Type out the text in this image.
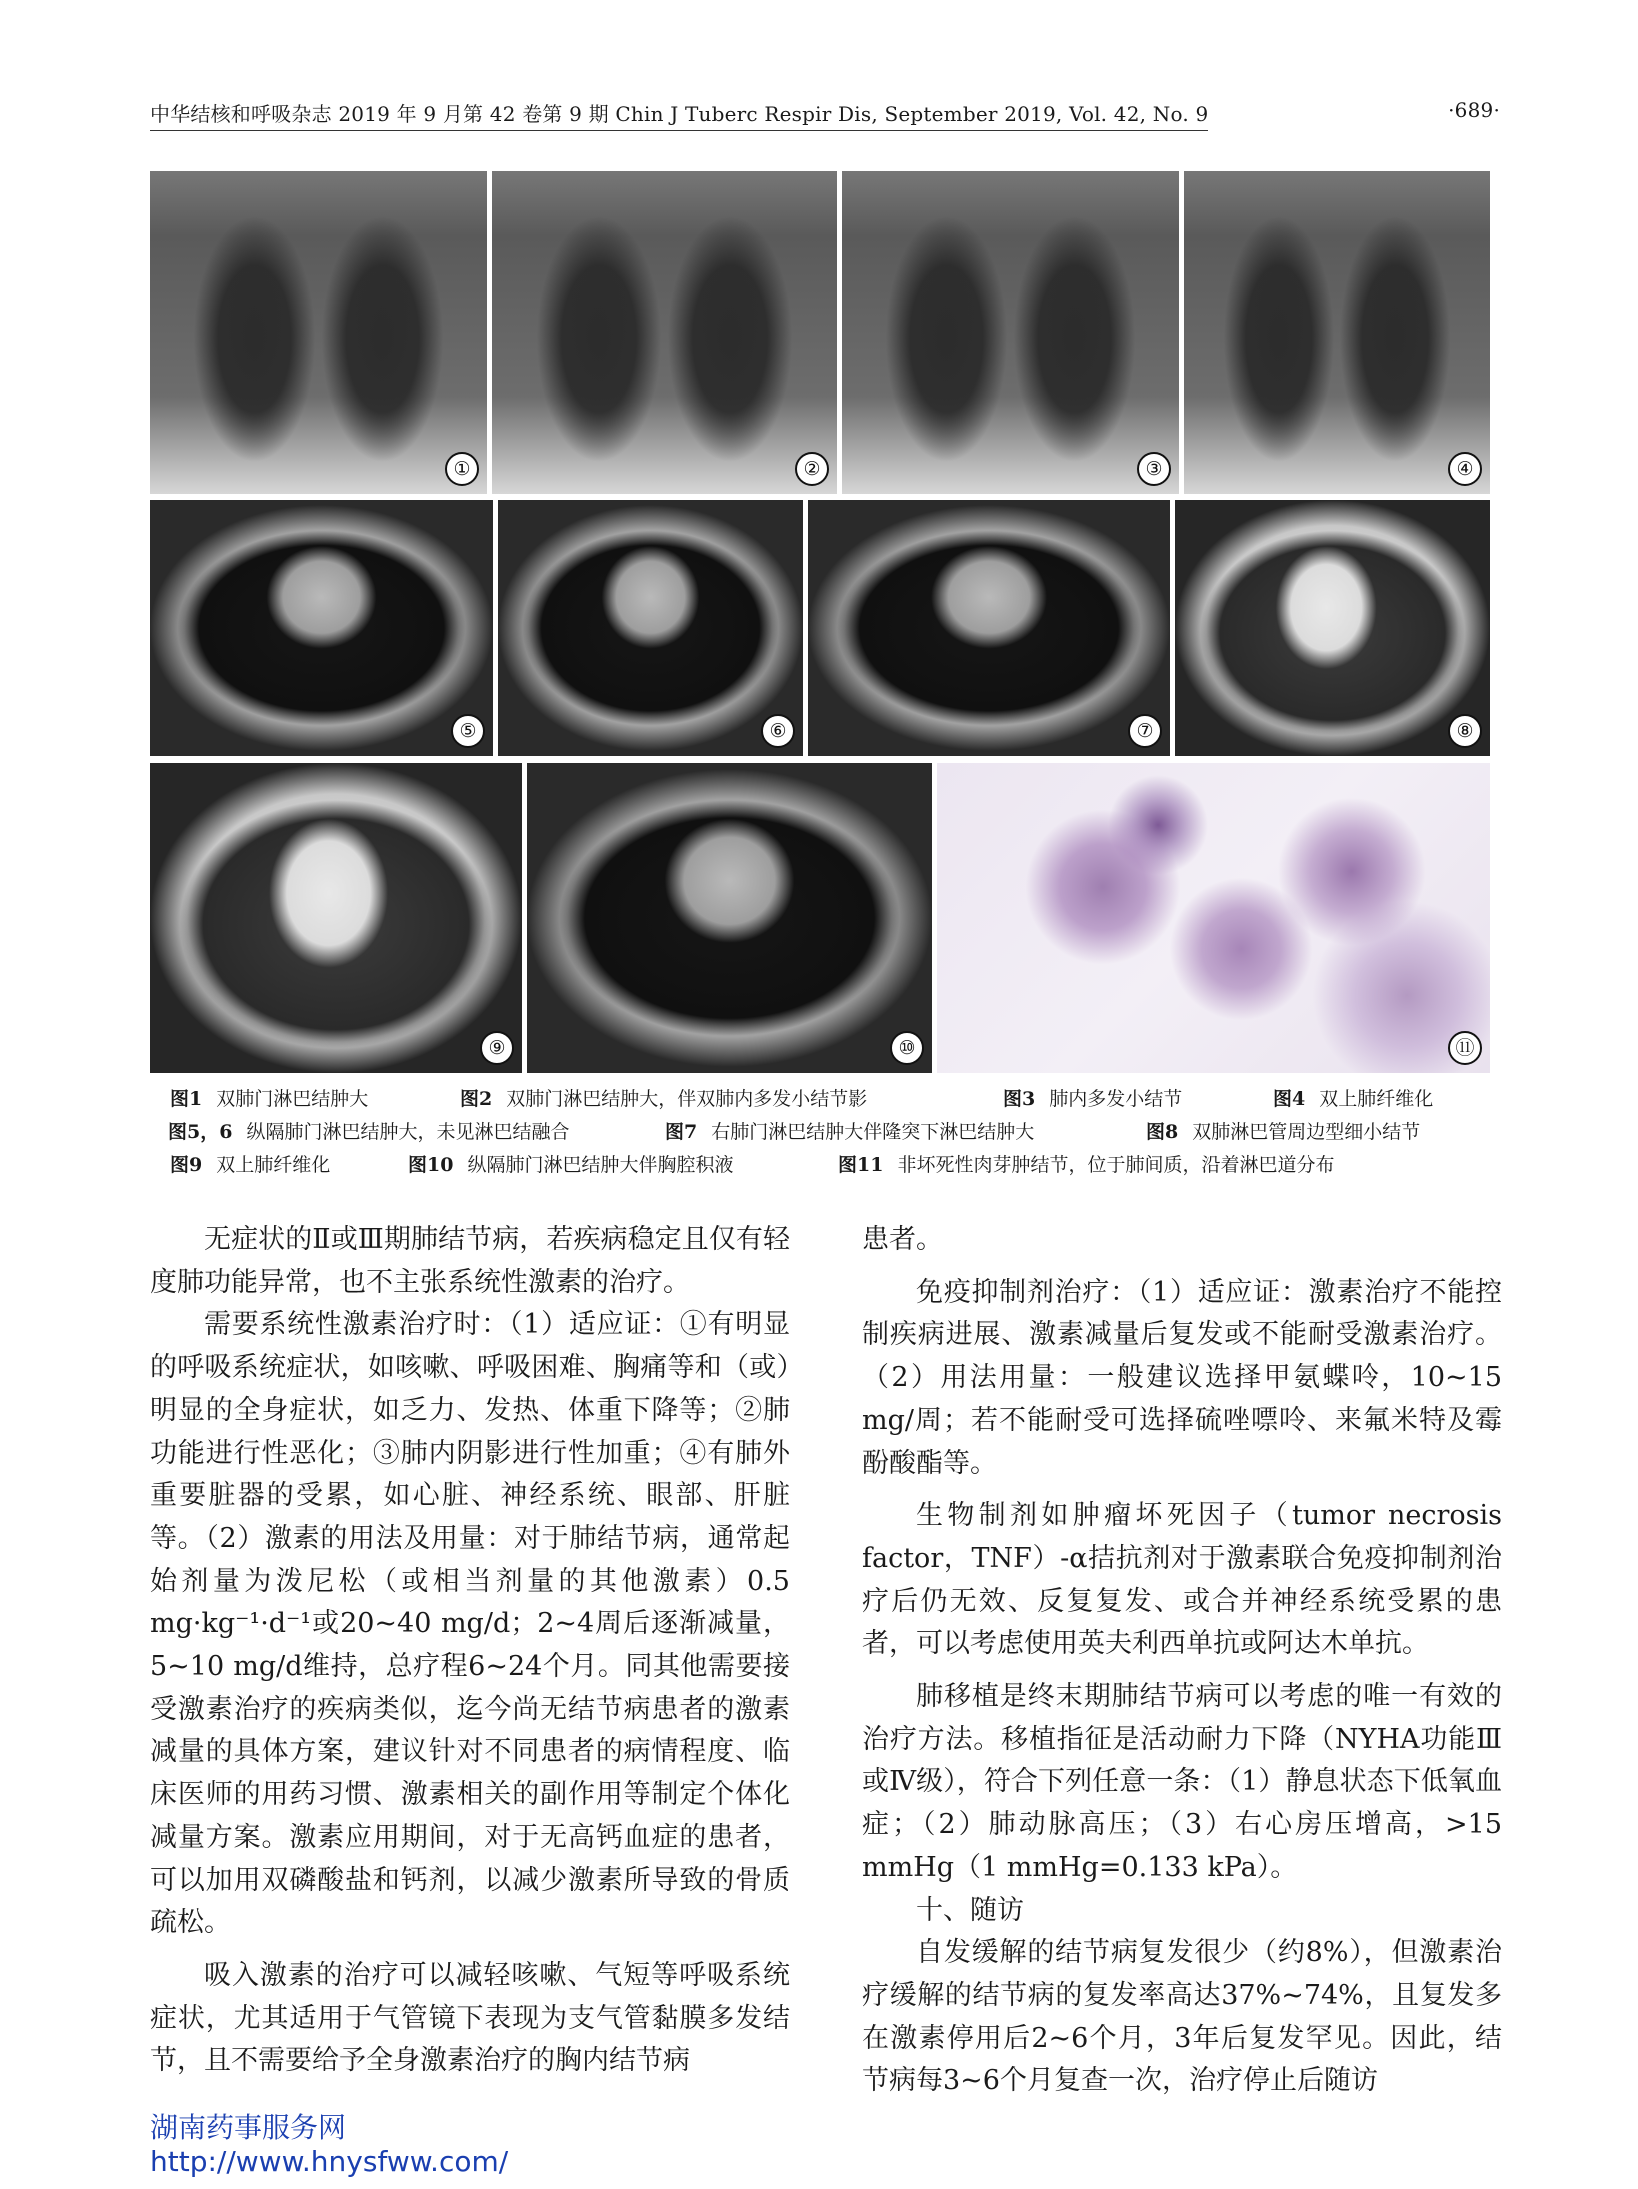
中华结核和呼吸杂志 2019 年 9 月第 42 卷第 9 期 Chin J Tuberc Respir Dis, September 2019, Vol. 42, No. 9	·689·
①	②	③	④
⑤	⑥	⑦	⑧
⑨	⑩	⑪
图1 双肺门淋巴结肿大	图2 双肺门淋巴结肿大，伴双肺内多发小结节影	图3 肺内多发小结节	图4 双上肺纤维化
图5，6 纵隔肺门淋巴结肿大，未见淋巴结融合	图7 右肺门淋巴结肿大伴隆突下淋巴结肿大	图8 双肺淋巴管周边型细小结节
图9 双上肺纤维化	图10 纵隔肺门淋巴结肿大伴胸腔积液	图11 非坏死性肉芽肿结节，位于肺间质，沿着淋巴道分布

无症状的Ⅱ或Ⅲ期肺结节病，若疾病稳定且仅有轻度肺功能异常，也不主张系统性激素的治疗。

需要系统性激素治疗时：（1）适应证：①有明显的呼吸系统症状，如咳嗽、呼吸困难、胸痛等和（或）明显的全身症状，如乏力、发热、体重下降等；②肺功能进行性恶化；③肺内阴影进行性加重；④有肺外重要脏器的受累，如心脏、神经系统、眼部、肝脏等。（2）激素的用法及用量：对于肺结节病，通常起始剂量为泼尼松（或相当剂量的其他激素）0.5 mg·kg⁻¹·d⁻¹或20~40 mg/d；2~4周后逐渐减量，5~10 mg/d维持，总疗程6~24个月。同其他需要接受激素治疗的疾病类似，迄今尚无结节病患者的激素减量的具体方案，建议针对不同患者的病情程度、临床医师的用药习惯、激素相关的副作用等制定个体化减量方案。激素应用期间，对于无高钙血症的患者，可以加用双磷酸盐和钙剂，以减少激素所导致的骨质疏松。

吸入激素的治疗可以减轻咳嗽、气短等呼吸系统症状，尤其适用于气管镜下表现为支气管黏膜多发结节，且不需要给予全身激素治疗的胸内结节病

患者。

免疫抑制剂治疗：（1）适应证：激素治疗不能控制疾病进展、激素减量后复发或不能耐受激素治疗。（2）用法用量：一般建议选择甲氨蝶呤，10~15 mg/周；若不能耐受可选择硫唑嘌呤、来氟米特及霉酚酸酯等。

生物制剂如肿瘤坏死因子（tumor necrosis factor，TNF）-α拮抗剂对于激素联合免疫抑制剂治疗后仍无效、反复复发、或合并神经系统受累的患者，可以考虑使用英夫利西单抗或阿达木单抗。

肺移植是终末期肺结节病可以考虑的唯一有效的治疗方法。移植指征是活动耐力下降（NYHA功能Ⅲ或Ⅳ级），符合下列任意一条：（1）静息状态下低氧血症；（2）肺动脉高压；（3）右心房压增高，>15 mmHg（1 mmHg=0.133 kPa）。

十、随访

自发缓解的结节病复发很少（约8%），但激素治疗缓解的结节病的复发率高达37%~74%，且复发多在激素停用后2~6个月，3年后复发罕见。因此，结节病每3~6个月复查一次，治疗停止后随访

湖南药事服务网
http://www.hnysfww.com/
